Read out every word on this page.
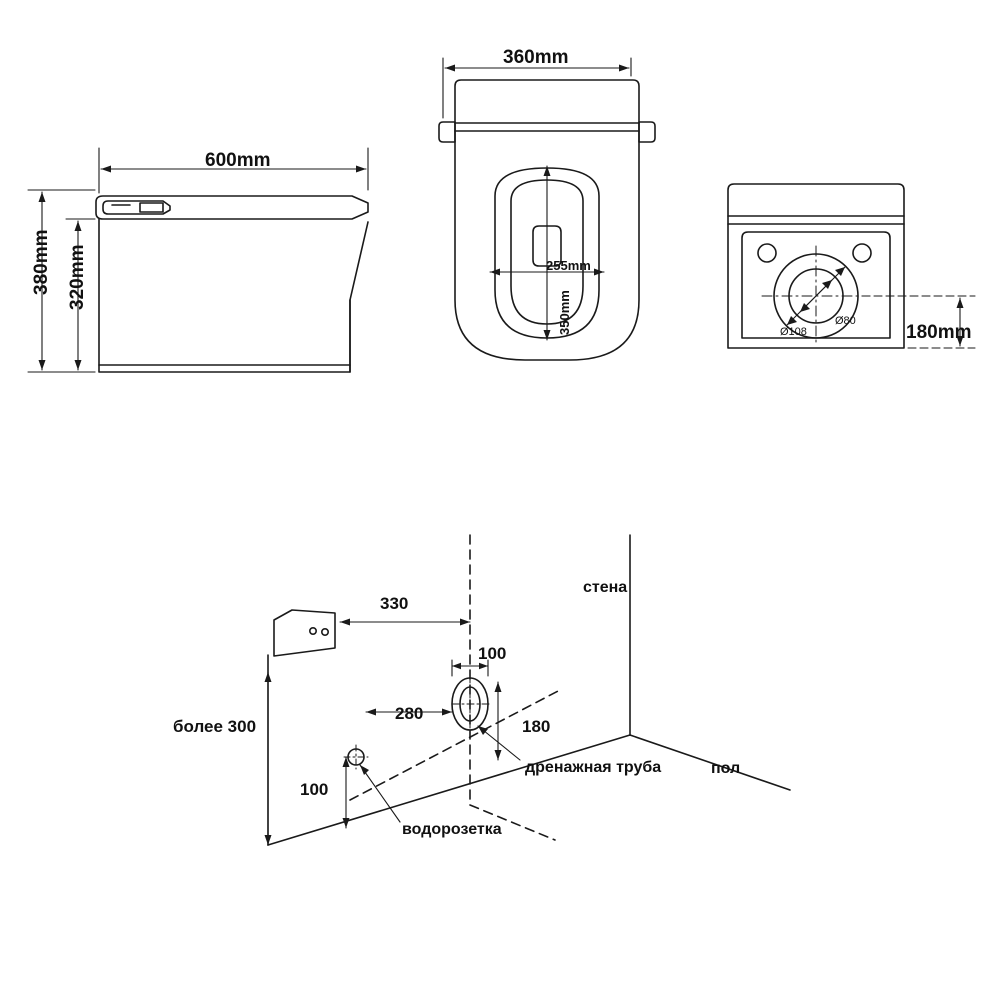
600mm
380mm 320mm
360mm
255mm
350mm	Ø108
Ø80
180mm
стена
пол
дренажная труба
водорозетка
более 300
330
100
280
180
100
